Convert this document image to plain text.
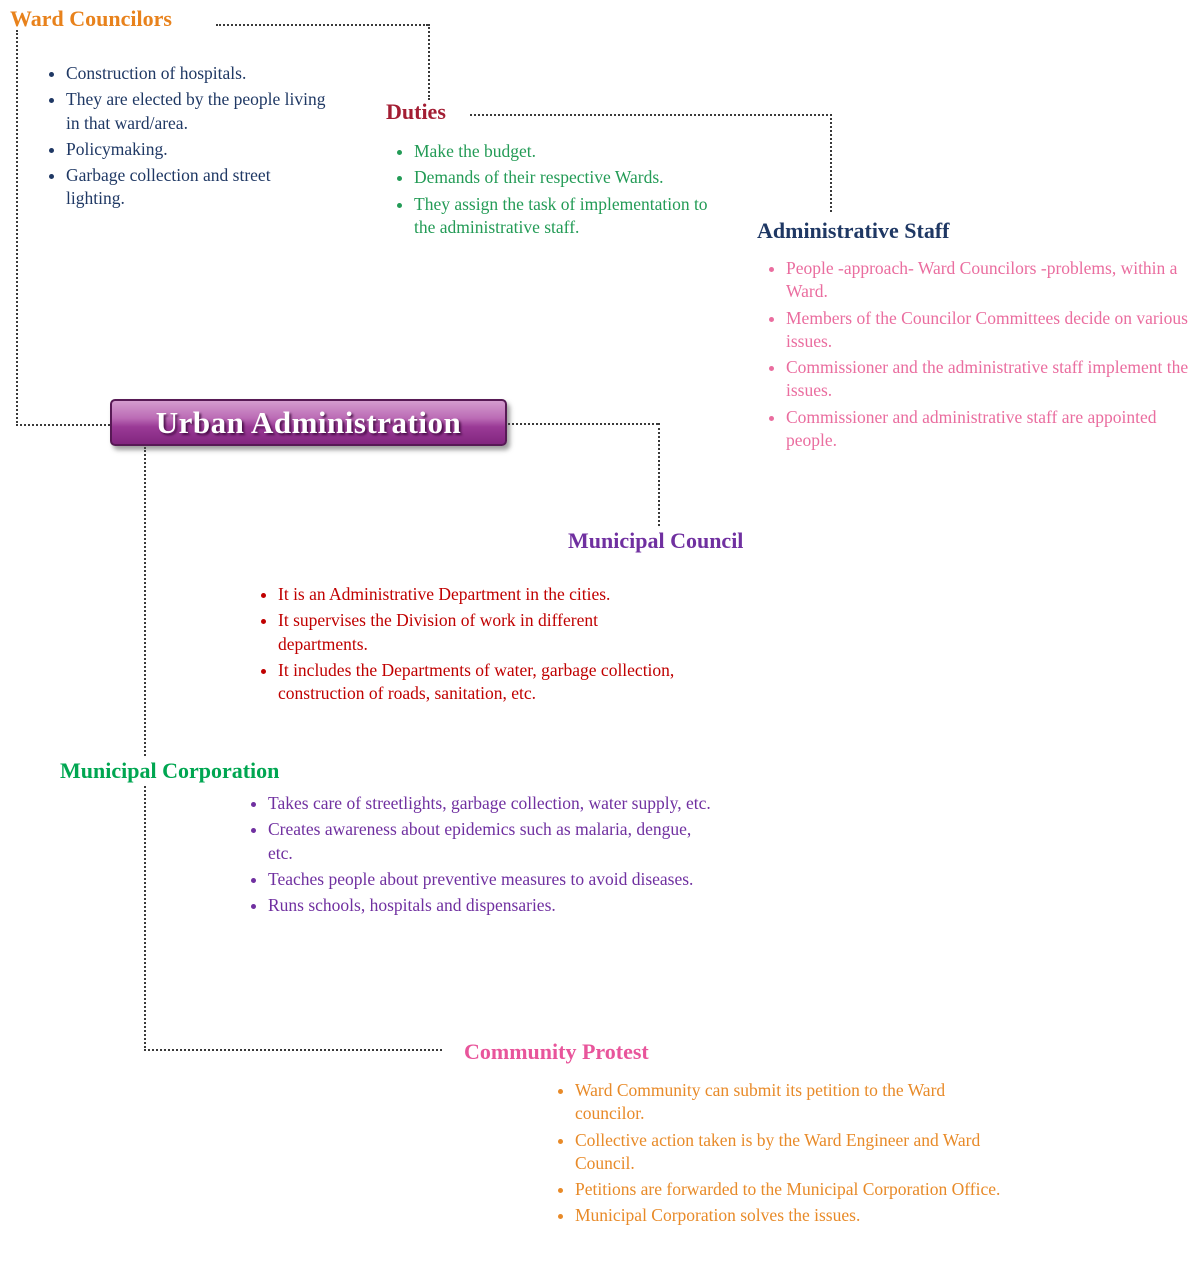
Ward Councilors
• Construction of hospitals.
• They are elected by the people living in that ward/area.
• Policymaking.
• Garbage collection and street lighting.
Duties
• Make the budget.
• Demands of their respective Wards.
• They assign the task of implementation to the administrative staff.	Administrative Staff
• People -approach- Ward Councilors -problems, within a Ward.
• Members of the Councilor Committees decide on various issues.
• Commissioner and the administrative staff implement the issues.
• Commissioner and administrative staff are appointed people.
Urban Administration
Municipal Council
• It is an Administrative Department in the cities.
• It supervises the Division of work in different departments.
• It includes the Departments of water, garbage collection, construction of roads, sanitation, etc.
Municipal Corporation
• Takes care of streetlights, garbage collection, water supply, etc.
• Creates awareness about epidemics such as malaria, dengue, etc.
• Teaches people about preventive measures to avoid diseases.
• Runs schools, hospitals and dispensaries.
Community Protest
• Ward Community can submit its petition to the Ward councilor.
• Collective action taken is by the Ward Engineer and Ward Council.
• Petitions are forwarded to the Municipal Corporation Office.
• Municipal Corporation solves the issues.
